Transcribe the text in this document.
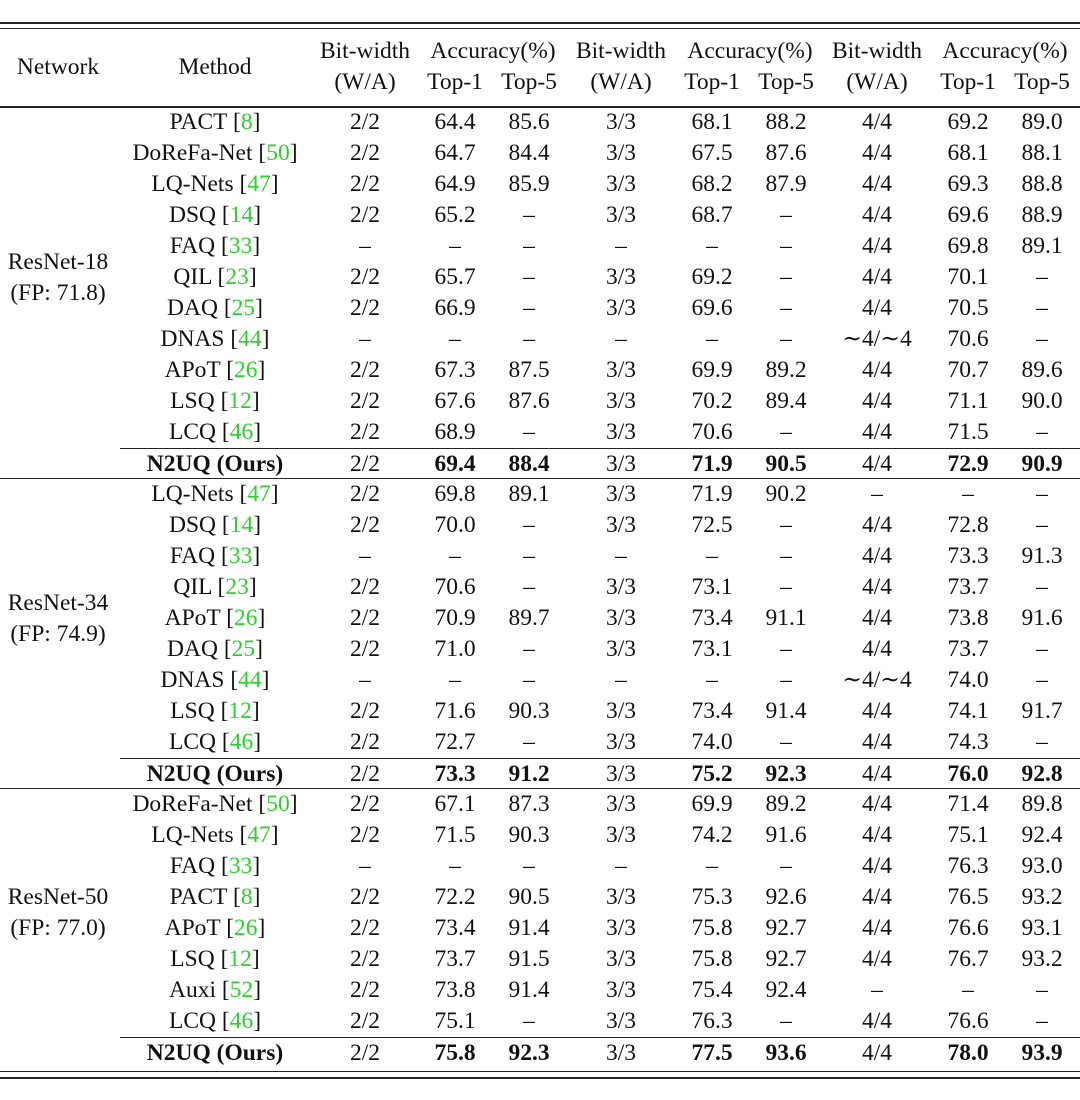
Network	Method
Bit-width
(W/A)
Accuracy(%)
Top-1 Top-5
Bit-width
(W/A)
Accuracy(%)
Top-1 Top-5
Bit-width
(W/A)
Accuracy(%)
Top-1 Top-5
ResNet-18
(FP: 71.8)
PACT [8]	2/2 64.4 85.6 3/3 68.1 88.2 4/4 69.2 89.0
DoReFa-Net [50] 2/2 64.7 84.4 3/3 67.5 87.6 4/4 68.1 88.1
LQ-Nets [47]	2/2 64.9 85.9 3/3 68.2 87.9 4/4 69.3 88.8
DSQ [14]	2/2 65.2 –	3/3 68.7 –	4/4 69.6 88.9
FAQ [33]	–	–	–	–	–	–	4/4 69.8 89.1
QIL [23]	2/2 65.7 –	3/3 69.2 –	4/4 70.1 –
DAQ [25]	2/2 66.9 –	3/3 69.6 –	4/4 70.5 –
DNAS [44]	–	–	–	–	–	– ∼4/∼4 70.6 –
APoT [26]	2/2 67.3 87.5 3/3 69.9 89.2 4/4 70.7 89.6
LSQ [12]	2/2 67.6 87.6 3/3 70.2 89.4 4/4 71.1 90.0
LCQ [46]	2/2 68.9 –	3/3 70.6 –	4/4 71.5 –
N2UQ (Ours)	2/2 69.4 88.4 3/3 71.9 90.5 4/4 72.9 90.9
ResNet-34
(FP: 74.9)
LQ-Nets [47]	2/2 69.8 89.1 3/3 71.9 90.2	–	–	–
DSQ [14]	2/2 70.0 –	3/3 72.5 –	4/4 72.8 –
FAQ [33]	–	–	–	–	–	–	4/4 73.3 91.3
QIL [23]	2/2 70.6 –	3/3 73.1 –	4/4 73.7 –
APoT [26]	2/2 70.9 89.7 3/3 73.4 91.1 4/4 73.8 91.6
DAQ [25]	2/2 71.0 –	3/3 73.1 –	4/4 73.7 –
DNAS [44]	–	–	–	–	–	– ∼4/∼4 74.0 –
LSQ [12]	2/2 71.6 90.3 3/3 73.4 91.4 4/4 74.1 91.7
LCQ [46]	2/2 72.7 –	3/3 74.0 –	4/4 74.3 –
N2UQ (Ours)	2/2 73.3 91.2 3/3 75.2 92.3 4/4 76.0 92.8
ResNet-50
(FP: 77.0)
DoReFa-Net [50] 2/2 67.1 87.3 3/3 69.9 89.2 4/4 71.4 89.8
LQ-Nets [47]	2/2 71.5 90.3 3/3 74.2 91.6 4/4 75.1 92.4
FAQ [33]	–	–	–	–	–	–	4/4 76.3 93.0
PACT [8]	2/2 72.2 90.5 3/3 75.3 92.6 4/4 76.5 93.2
APoT [26]	2/2 73.4 91.4 3/3 75.8 92.7 4/4 76.6 93.1
LSQ [12]	2/2 73.7 91.5 3/3 75.8 92.7 4/4 76.7 93.2
Auxi [52]	2/2 73.8 91.4 3/3 75.4 92.4	–	–	–
LCQ [46]	2/2 75.1 –	3/3 76.3 –	4/4 76.6 –
N2UQ (Ours)	2/2 75.8 92.3 3/3 77.5 93.6 4/4 78.0 93.9
